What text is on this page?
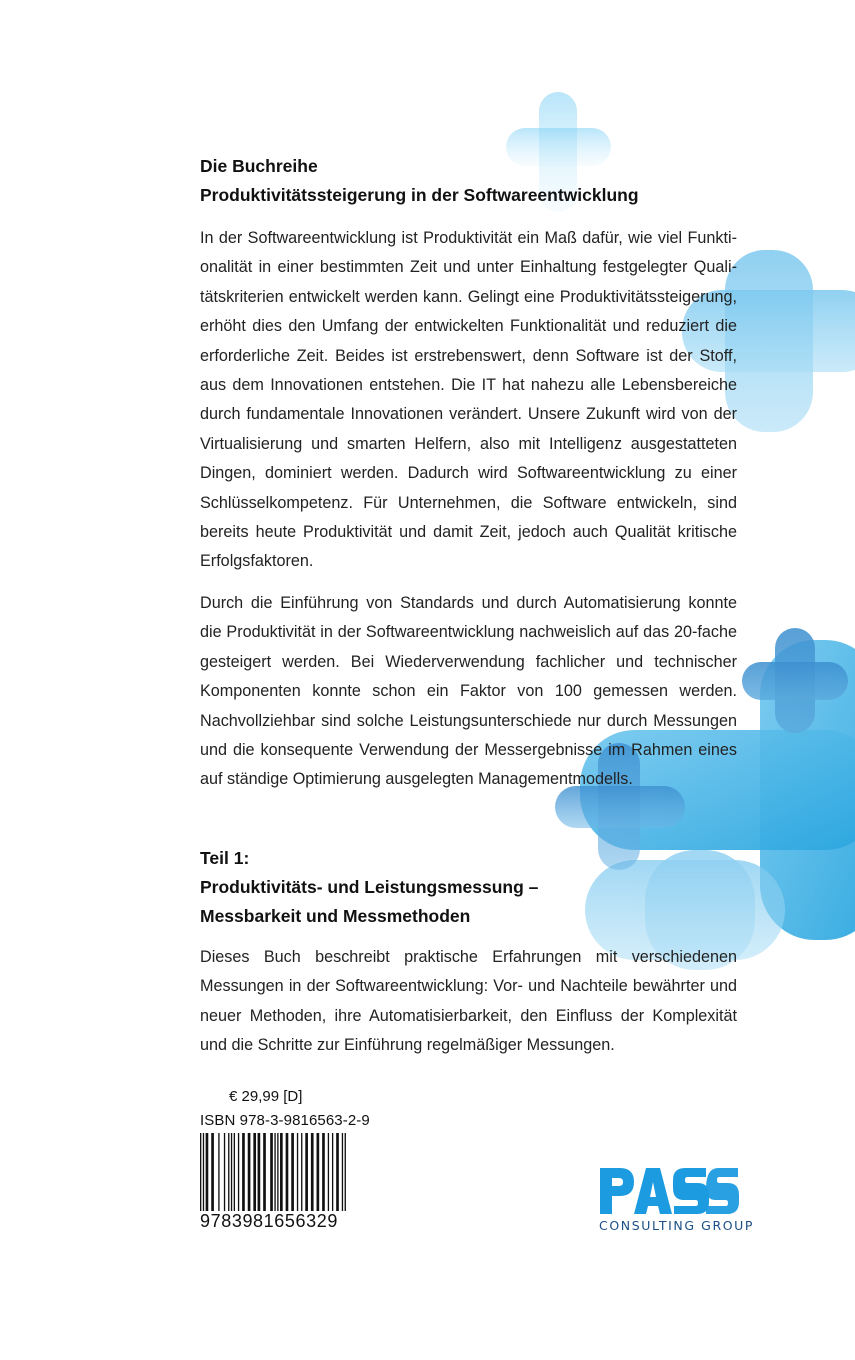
Die Buchreihe

Produktivitätssteigerung in der Softwareentwicklung

In der Softwareentwicklung ist Produktivität ein Maß dafür, wie viel Funktionalität in einer bestimmten Zeit und unter Einhaltung festgelegter Qualitätskriterien entwickelt werden kann. Gelingt eine Produktivitätssteigerung, erhöht dies den Umfang der entwickelten Funktionalität und reduziert die erforderliche Zeit. Beides ist erstrebenswert, denn Software ist der Stoff, aus dem Innovationen entstehen. Die IT hat nahezu alle Lebensbereiche durch fundamentale Innovationen verändert. Unsere Zukunft wird von der Virtualisierung und smarten Helfern, also mit Intelligenz ausgestatteten Dingen, dominiert werden. Dadurch wird Softwareentwicklung zu einer Schlüsselkompetenz. Für Unternehmen, die Software entwickeln, sind bereits heute Produktivität und damit Zeit, jedoch auch Qualität kritische Erfolgsfaktoren.

Durch die Einführung von Standards und durch Automatisierung konnte die Produktivität in der Softwareentwicklung nachweislich auf das 20-fache gesteigert werden. Bei Wiederverwendung fachlicher und technischer Komponenten konnte schon ein Faktor von 100 gemessen werden. Nachvollziehbar sind solche Leistungsunterschiede nur durch Messungen und die konsequente Verwendung der Messergebnisse im Rahmen eines auf ständige Optimierung ausgelegten Managementmodells.

Teil 1:

Produktivitäts- und Leistungsmessung –

Messbarkeit und Messmethoden

Dieses Buch beschreibt praktische Erfahrungen mit verschiedenen Messungen in der Softwareentwicklung: Vor- und Nachteile bewährter und neuer Methoden, ihre Automatisierbarkeit, den Einfluss der Komplexität und die Schritte zur Einführung regelmäßiger Messungen.

€ 29,99 [D]
ISBN 978-3-9816563-2-9
9783981656329	CONSULTING GROUP
